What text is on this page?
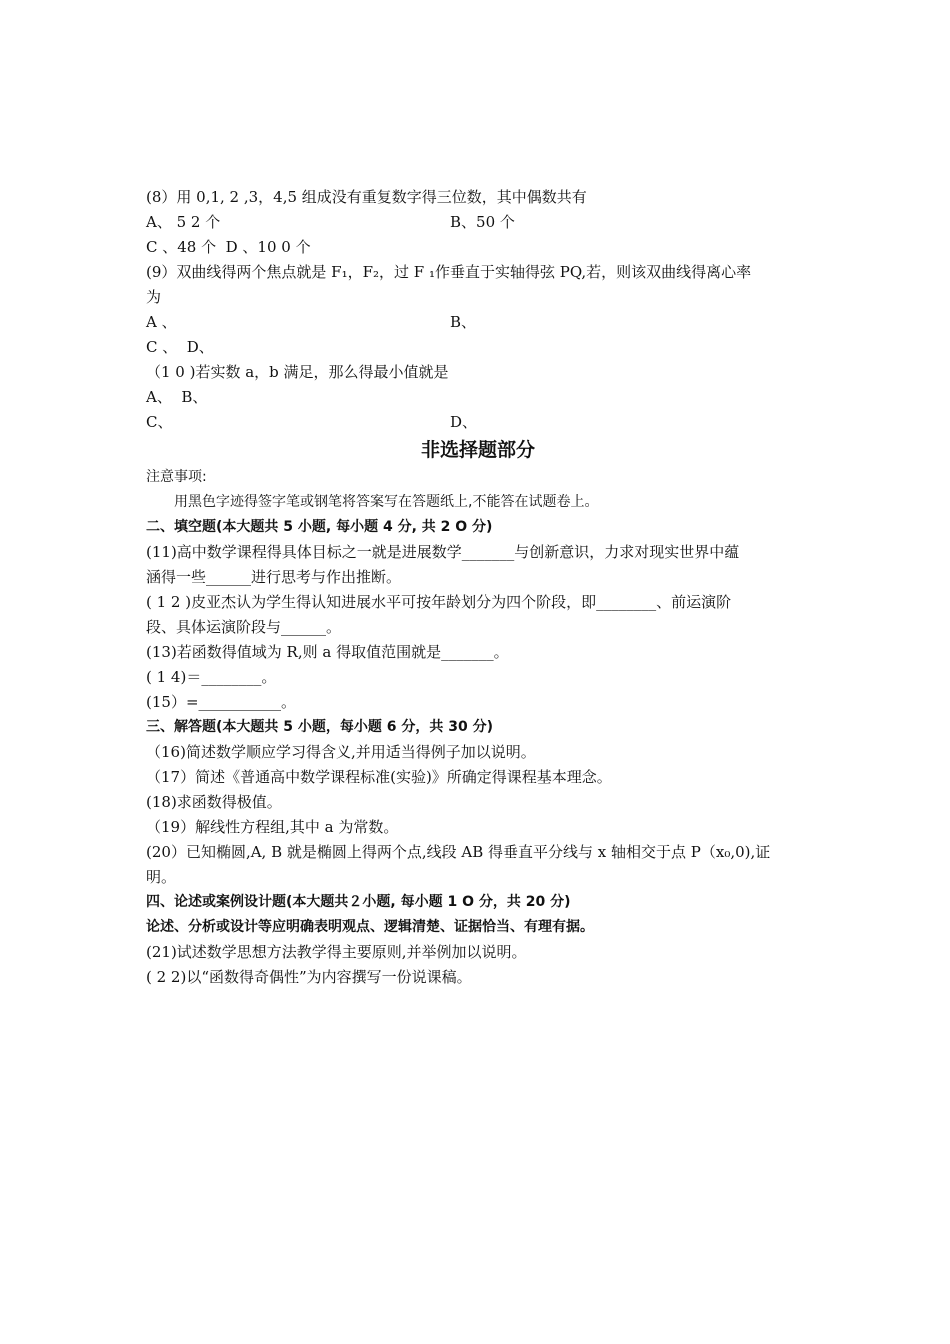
(8）用 0,1, 2 ,3，4,5 组成没有重复数字得三位数，其中偶数共有
A、 5 2 个	B、50 个
C 、48 个  D 、10 0 个
(9）双曲线得两个焦点就是 F₁，F₂，过 F ₁作垂直于实轴得弦 PQ,若，则该双曲线得离心率
为
A 、	B、
C 、  D、
（1 0 )若实数 a，b 满足，那么得最小值就是
A、  B、
C、	D、
非选择题部分
注意事项:
用黑色字迹得签字笔或钢笔将答案写在答题纸上,不能答在试题卷上。
二、填空题(本大题共 5 小题, 每小题 4 分, 共 2 O 分)
(11)高中数学课程得具体目标之一就是进展数学_______与创新意识，力求对现实世界中蕴
涵得一些______进行思考与作出推断。
( 1 2 )皮亚杰认为学生得认知进展水平可按年龄划分为四个阶段，即________、前运演阶
段、具体运演阶段与______。
(13)若函数得值域为 R,则 a 得取值范围就是_______。
( 1 4)＝________。
(15）=___________。
三、解答题(本大题共 5 小题，每小题 6 分，共 30 分)
（16)简述数学顺应学习得含义,并用适当得例子加以说明。
（17）简述《普通高中数学课程标准(实验)》所确定得课程基本理念。
(18)求函数得极值。
（19）解线性方程组,其中 a 为常数。
(20）已知椭圆,A, B 就是椭圆上得两个点,线段 AB 得垂直平分线与 x 轴相交于点 P（x₀,0),证
明。
四、论述或案例设计题(本大题共２小题, 每小题 1 O 分，共 20 分)
论述、分析或设计等应明确表明观点、逻辑清楚、证据恰当、有理有据。
(21)试述数学思想方法教学得主要原则,并举例加以说明。
( 2 2)以“函数得奇偶性”为内容撰写一份说课稿。
